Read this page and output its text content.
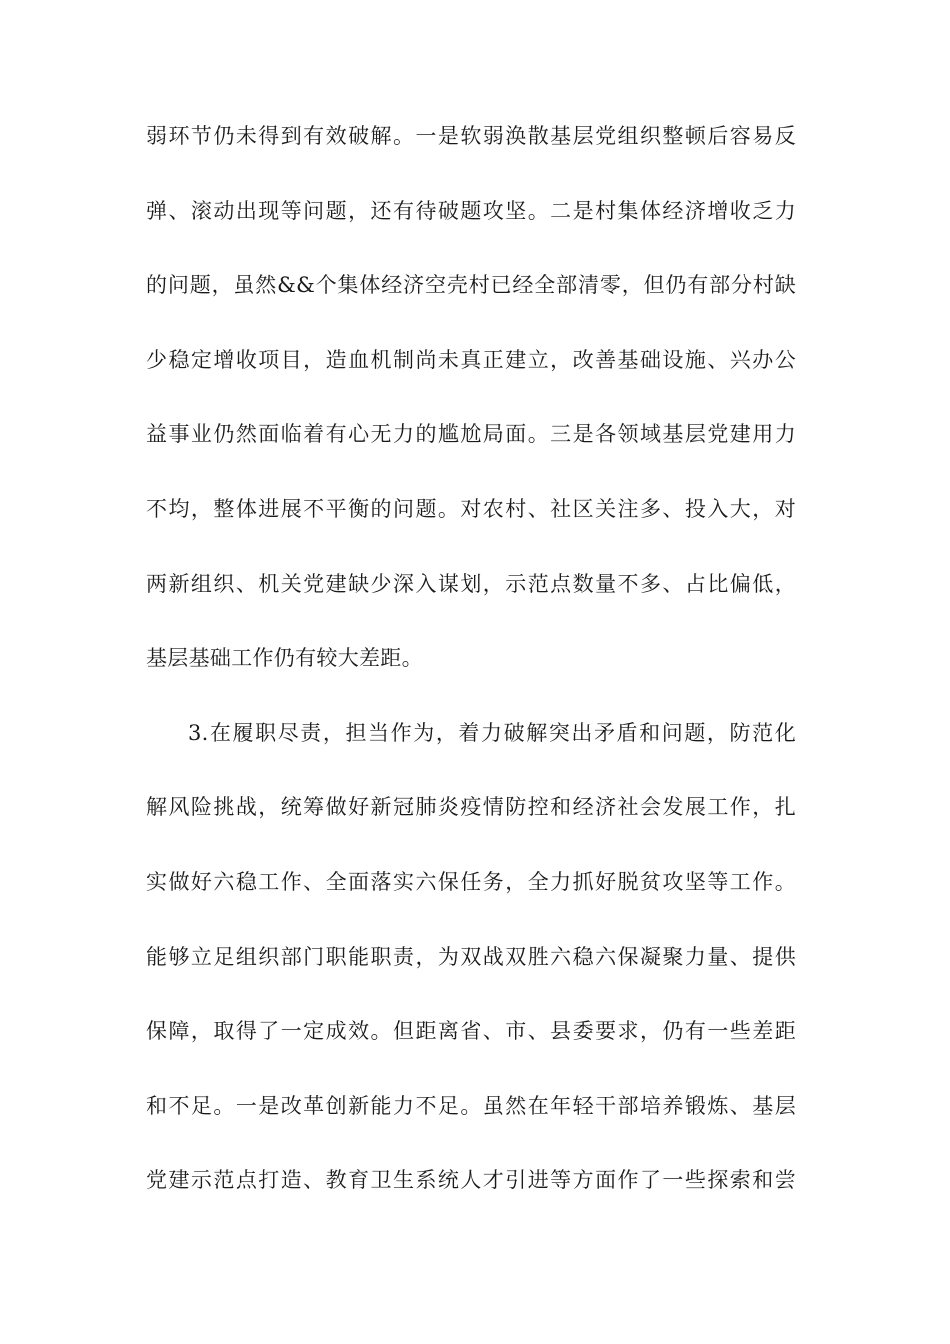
弱环节仍未得到有效破解。一是软弱涣散基层党组织整顿后容易反
弹、滚动出现等问题，还有待破题攻坚。二是村集体经济增收乏力
的问题，虽然&&个集体经济空壳村已经全部清零，但仍有部分村缺
少稳定增收项目，造血机制尚未真正建立，改善基础设施、兴办公
益事业仍然面临着有心无力的尴尬局面。三是各领域基层党建用力
不均，整体进展不平衡的问题。对农村、社区关注多、投入大，对
两新组织、机关党建缺少深入谋划，示范点数量不多、占比偏低，
基层基础工作仍有较大差距。
3.在履职尽责，担当作为，着力破解突出矛盾和问题，防范化
解风险挑战，统筹做好新冠肺炎疫情防控和经济社会发展工作，扎
实做好六稳工作、全面落实六保任务，全力抓好脱贫攻坚等工作。
能够立足组织部门职能职责，为双战双胜六稳六保凝聚力量、提供
保障，取得了一定成效。但距离省、市、县委要求，仍有一些差距
和不足。一是改革创新能力不足。虽然在年轻干部培养锻炼、基层
党建示范点打造、教育卫生系统人才引进等方面作了一些探索和尝
